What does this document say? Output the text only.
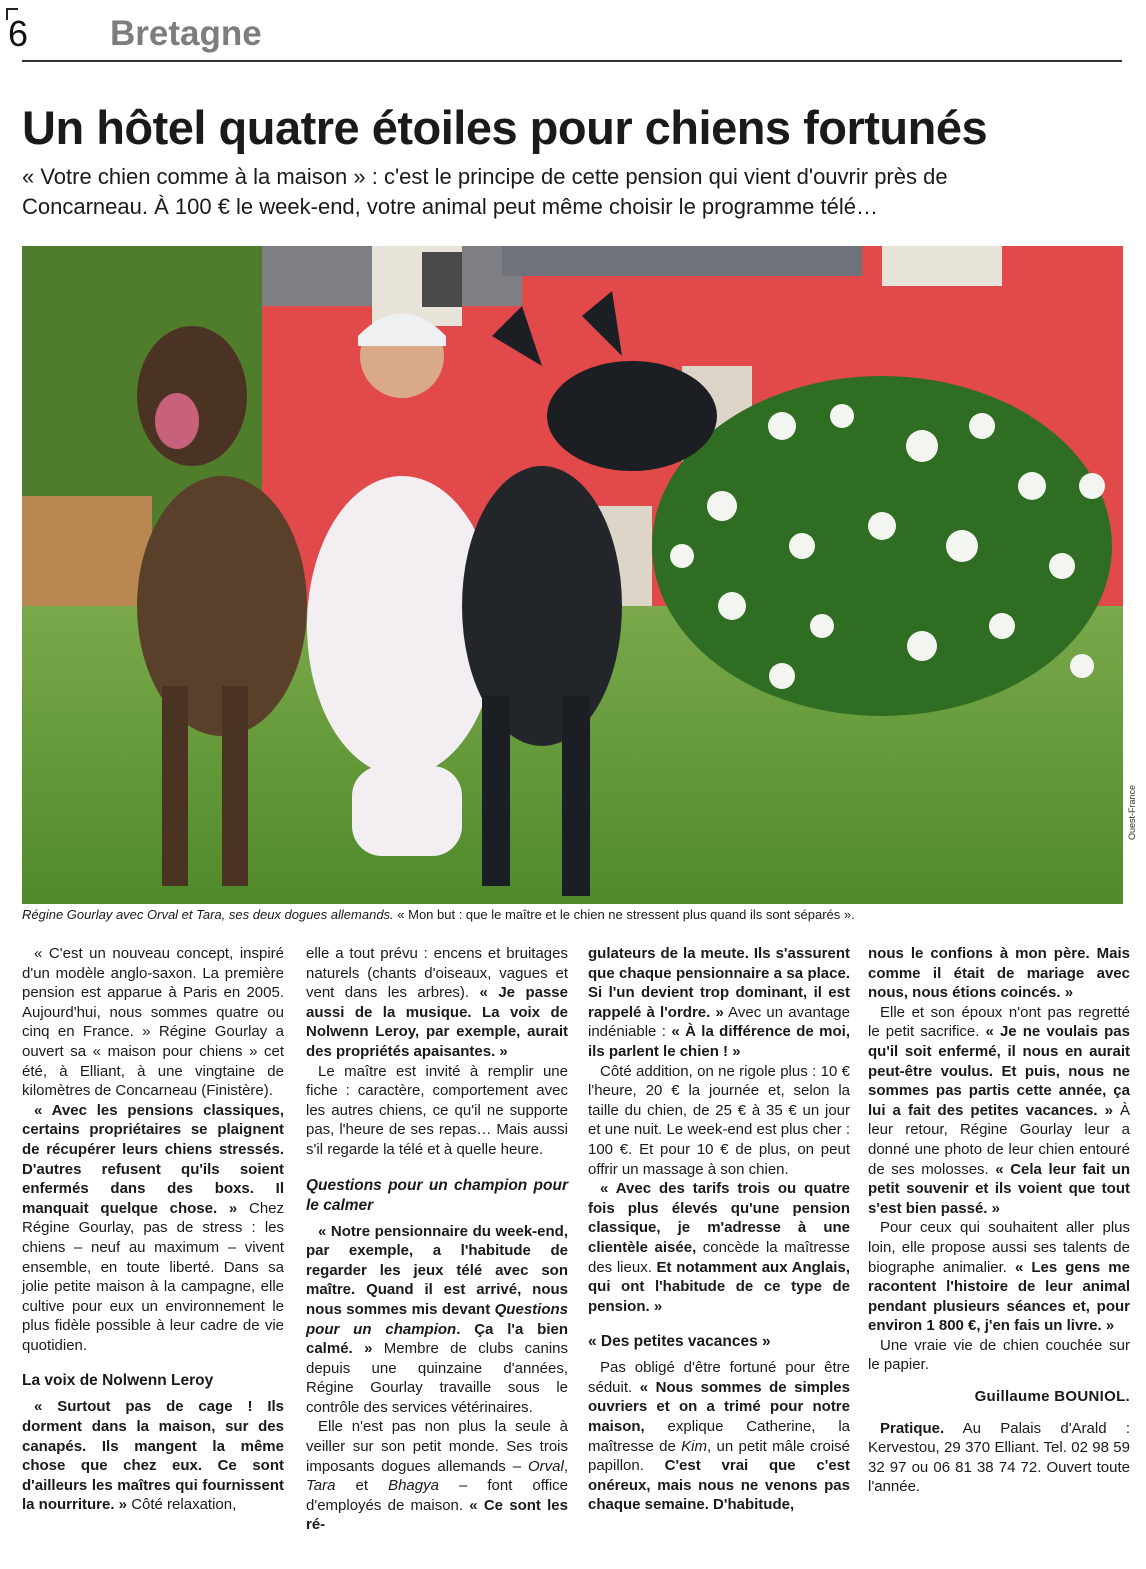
6 Bretagne
Un hôtel quatre étoiles pour chiens fortunés
« Votre chien comme à la maison » : c'est le principe de cette pension qui vient d'ouvrir près de Concarneau. À 100 € le week-end, votre animal peut même choisir le programme télé…
Ouest-France
Régine Gourlay avec Orval et Tara, ses deux dogues allemands. « Mon but : que le maître et le chien ne stressent plus quand ils sont séparés ».

« C'est un nouveau concept, inspiré d'un modèle anglo-saxon. La première pension est apparue à Paris en 2005. Aujourd'hui, nous sommes quatre ou cinq en France. » Régine Gourlay a ouvert sa « maison pour chiens » cet été, à Elliant, à une vingtaine de kilomètres de Concarneau (Finistère).

« Avec les pensions classiques, certains propriétaires se plaignent de récupérer leurs chiens stressés. D'autres refusent qu'ils soient enfermés dans des boxs. Il manquait quelque chose. » Chez Régine Gourlay, pas de stress : les chiens – neuf au maximum – vivent ensemble, en toute liberté. Dans sa jolie petite maison à la campagne, elle cultive pour eux un environnement le plus fidèle possible à leur cadre de vie quotidien.

La voix de Nolwenn Leroy

« Surtout pas de cage ! Ils dorment dans la maison, sur des canapés. Ils mangent la même chose que chez eux. Ce sont d'ailleurs les maîtres qui fournissent la nourriture. » Côté relaxation,

elle a tout prévu : encens et bruitages naturels (chants d'oiseaux, vagues et vent dans les arbres). « Je passe aussi de la musique. La voix de Nolwenn Leroy, par exemple, aurait des propriétés apaisantes. »

Le maître est invité à remplir une fiche : caractère, comportement avec les autres chiens, ce qu'il ne supporte pas, l'heure de ses repas… Mais aussi s'il regarde la télé et à quelle heure.

Questions pour un champion pour le calmer

« Notre pensionnaire du week-end, par exemple, a l'habitude de regarder les jeux télé avec son maître. Quand il est arrivé, nous nous sommes mis devant Questions pour un champion. Ça l'a bien calmé. » Membre de clubs canins depuis une quinzaine d'années, Régine Gourlay travaille sous le contrôle des services vétérinaires.

Elle n'est pas non plus la seule à veiller sur son petit monde. Ses trois imposants dogues allemands – Orval, Tara et Bhagya – font office d'employés de maison. « Ce sont les ré-

gulateurs de la meute. Ils s'assurent que chaque pensionnaire a sa place. Si l'un devient trop dominant, il est rappelé à l'ordre. » Avec un avantage indéniable : « À la différence de moi, ils parlent le chien ! »

Côté addition, on ne rigole plus : 10 € l'heure, 20 € la journée et, selon la taille du chien, de 25 € à 35 € un jour et une nuit. Le week-end est plus cher : 100 €. Et pour 10 € de plus, on peut offrir un massage à son chien.

« Avec des tarifs trois ou quatre fois plus élevés qu'une pension classique, je m'adresse à une clientèle aisée, concède la maîtresse des lieux. Et notamment aux Anglais, qui ont l'habitude de ce type de pension. »

« Des petites vacances »

Pas obligé d'être fortuné pour être séduit. « Nous sommes de simples ouvriers et on a trimé pour notre maison, explique Catherine, la maîtresse de Kim, un petit mâle croisé papillon. C'est vrai que c'est onéreux, mais nous ne venons pas chaque semaine. D'habitude,

nous le confions à mon père. Mais comme il était de mariage avec nous, nous étions coincés. »

Elle et son époux n'ont pas regretté le petit sacrifice. « Je ne voulais pas qu'il soit enfermé, il nous en aurait peut-être voulus. Et puis, nous ne sommes pas partis cette année, ça lui a fait des petites vacances. » À leur retour, Régine Gourlay leur a donné une photo de leur chien entouré de ses molosses. « Cela leur fait un petit souvenir et ils voient que tout s'est bien passé. »

Pour ceux qui souhaitent aller plus loin, elle propose aussi ses talents de biographe animalier. « Les gens me racontent l'histoire de leur animal pendant plusieurs séances et, pour environ 1 800 €, j'en fais un livre. »

Une vraie vie de chien couchée sur le papier.

Guillaume BOUNIOL.

Pratique. Au Palais d'Arald : Kervestou, 29 370 Elliant. Tel. 02 98 59 32 97 ou 06 81 38 74 72. Ouvert toute l'année.
